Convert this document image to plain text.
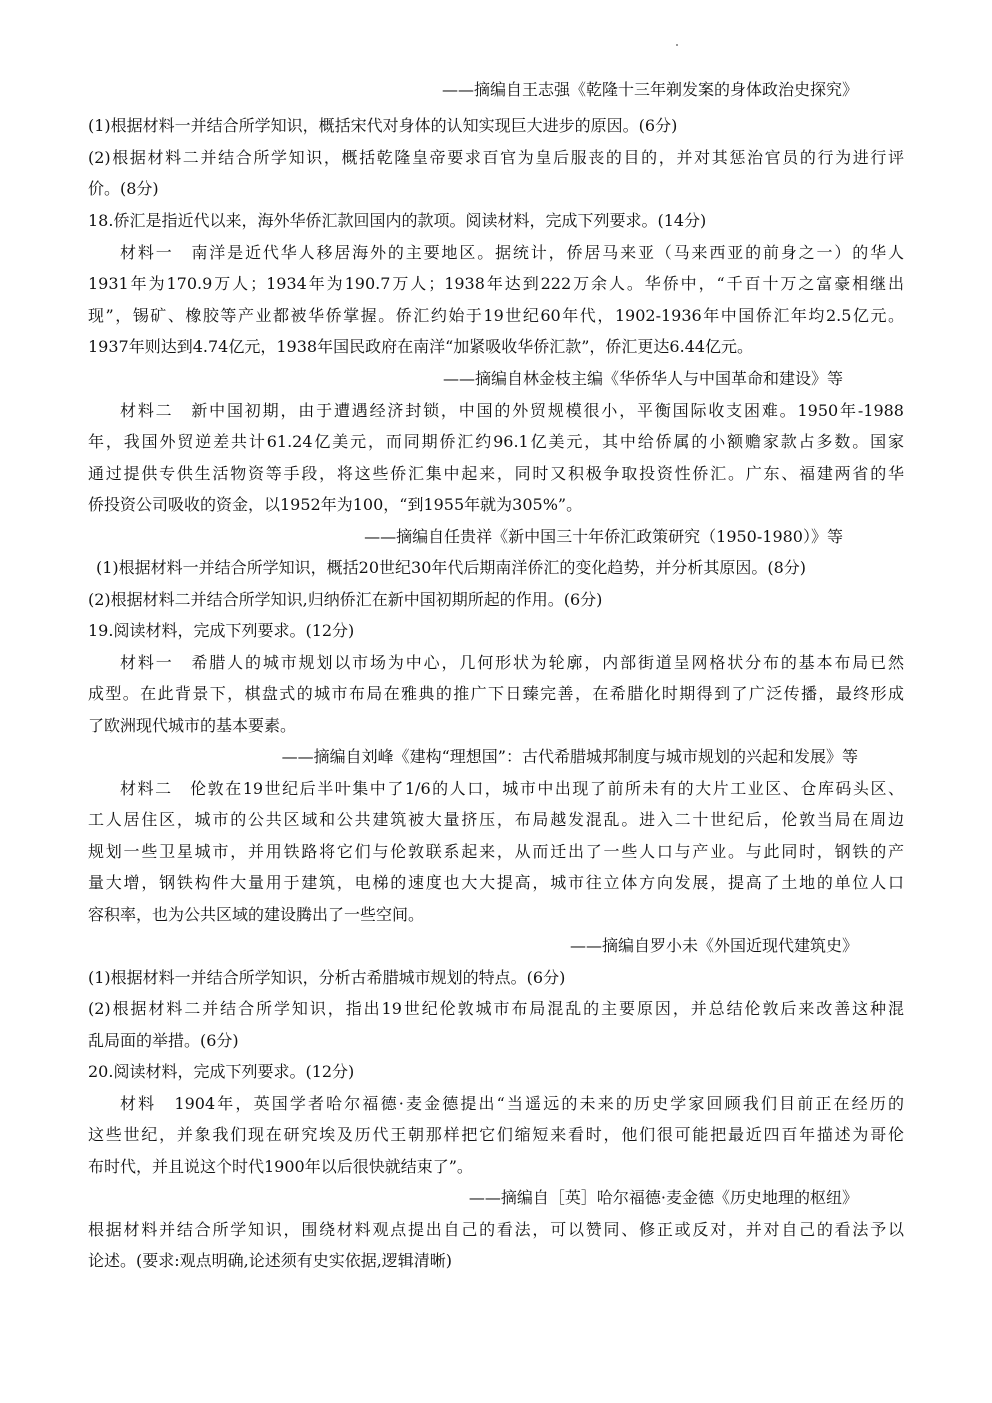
——摘编自王志强《乾隆十三年剃发案的身体政治史探究》
(1)根据材料一并结合所学知识，概括宋代对身体的认知实现巨大进步的原因。(6分)
(2)根据材料二并结合所学知识，概括乾隆皇帝要求百官为皇后服丧的目的，并对其惩治官员的行为进行评
价。(8分)
18.侨汇是指近代以来，海外华侨汇款回国内的款项。阅读材料，完成下列要求。(14分)
材料一　南洋是近代华人移居海外的主要地区。据统计，侨居马来亚（马来西亚的前身之一）的华人
1931年为170.9万人；1934年为190.7万人；1938年达到222万余人。华侨中，“千百十万之富豪相继出
现”，锡矿、橡胶等产业都被华侨掌握。侨汇约始于19世纪60年代，1902-1936年中国侨汇年均2.5亿元。
1937年则达到4.74亿元，1938年国民政府在南洋“加紧吸收华侨汇款”，侨汇更达6.44亿元。
——摘编自林金枝主编《华侨华人与中国革命和建设》等
材料二　新中国初期，由于遭遇经济封锁，中国的外贸规模很小，平衡国际收支困难。1950年-1988
年，我国外贸逆差共计61.24亿美元，而同期侨汇约96.1亿美元，其中给侨属的小额赡家款占多数。国家
通过提供专供生活物资等手段，将这些侨汇集中起来，同时又积极争取投资性侨汇。广东、福建两省的华
侨投资公司吸收的资金，以1952年为100，“到1955年就为305%”。
——摘编自任贵祥《新中国三十年侨汇政策研究（1950-1980）》等
(1)根据材料一并结合所学知识，概括20世纪30年代后期南洋侨汇的变化趋势，并分析其原因。(8分)
(2)根据材料二并结合所学知识,归纳侨汇在新中国初期所起的作用。(6分)
19.阅读材料，完成下列要求。(12分)
材料一　希腊人的城市规划以市场为中心，几何形状为轮廓，内部街道呈网格状分布的基本布局已然
成型。在此背景下，棋盘式的城市布局在雅典的推广下日臻完善，在希腊化时期得到了广泛传播，最终形成
了欧洲现代城市的基本要素。
——摘编自刘峰《建构“理想国”：古代希腊城邦制度与城市规划的兴起和发展》等
材料二　伦敦在19世纪后半叶集中了1/6的人口，城市中出现了前所未有的大片工业区、仓库码头区、
工人居住区，城市的公共区域和公共建筑被大量挤压，布局越发混乱。进入二十世纪后，伦敦当局在周边
规划一些卫星城市，并用铁路将它们与伦敦联系起来，从而迁出了一些人口与产业。与此同时，钢铁的产
量大增，钢铁构件大量用于建筑，电梯的速度也大大提高，城市往立体方向发展，提高了土地的单位人口
容积率，也为公共区域的建设腾出了一些空间。
——摘编自罗小未《外国近现代建筑史》
(1)根据材料一并结合所学知识，分析古希腊城市规划的特点。(6分)
(2)根据材料二并结合所学知识，指出19世纪伦敦城市布局混乱的主要原因，并总结伦敦后来改善这种混
乱局面的举措。(6分)
20.阅读材料，完成下列要求。(12分)
材料　1904年，英国学者哈尔福德·麦金德提出“当遥远的未来的历史学家回顾我们目前正在经历的
这些世纪，并象我们现在研究埃及历代王朝那样把它们缩短来看时，他们很可能把最近四百年描述为哥伦
布时代，并且说这个时代1900年以后很快就结束了”。
——摘编自［英］哈尔福德·麦金德《历史地理的枢纽》
根据材料并结合所学知识，围绕材料观点提出自己的看法，可以赞同、修正或反对，并对自己的看法予以
论述。(要求:观点明确,论述须有史实依据,逻辑清晰)
